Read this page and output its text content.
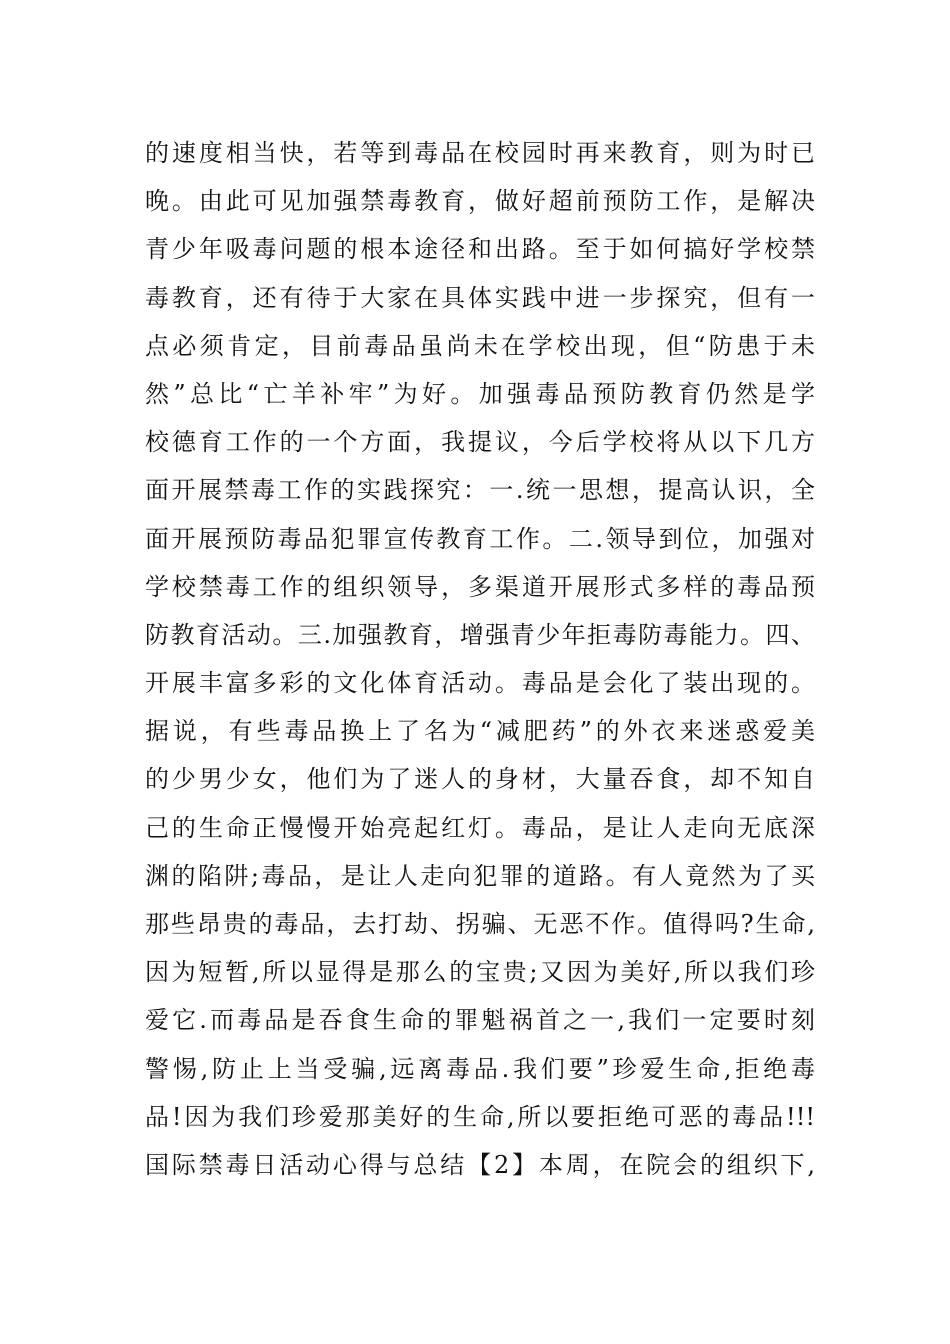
的速度相当快，若等到毒品在校园时再来教育，则为时已
晚。由此可见加强禁毒教育，做好超前预防工作，是解决
青少年吸毒问题的根本途径和出路。至于如何搞好学校禁
毒教育，还有待于大家在具体实践中进一步探究，但有一
点必须肯定，目前毒品虽尚未在学校出现，但“防患于未
然”总比“亡羊补牢”为好。加强毒品预防教育仍然是学
校德育工作的一个方面，我提议，今后学校将从以下几方
面开展禁毒工作的实践探究：一.统一思想，提高认识，全
面开展预防毒品犯罪宣传教育工作。二.领导到位，加强对
学校禁毒工作的组织领导，多渠道开展形式多样的毒品预
防教育活动。三.加强教育，增强青少年拒毒防毒能力。四、
开展丰富多彩的文化体育活动。毒品是会化了装出现的。
据说，有些毒品换上了名为“减肥药”的外衣来迷惑爱美
的少男少女，他们为了迷人的身材，大量吞食，却不知自
己的生命正慢慢开始亮起红灯。毒品，是让人走向无底深
渊的陷阱;毒品，是让人走向犯罪的道路。有人竟然为了买
那些昂贵的毒品，去打劫、拐骗、无恶不作。值得吗?生命,
因为短暂,所以显得是那么的宝贵;又因为美好,所以我们珍
爱它.而毒品是吞食生命的罪魁祸首之一,我们一定要时刻
警惕,防止上当受骗,远离毒品.我们要”珍爱生命,拒绝毒
品!因为我们珍爱那美好的生命,所以要拒绝可恶的毒品!!!
国际禁毒日活动心得与总结【2】本周，在院会的组织下,
